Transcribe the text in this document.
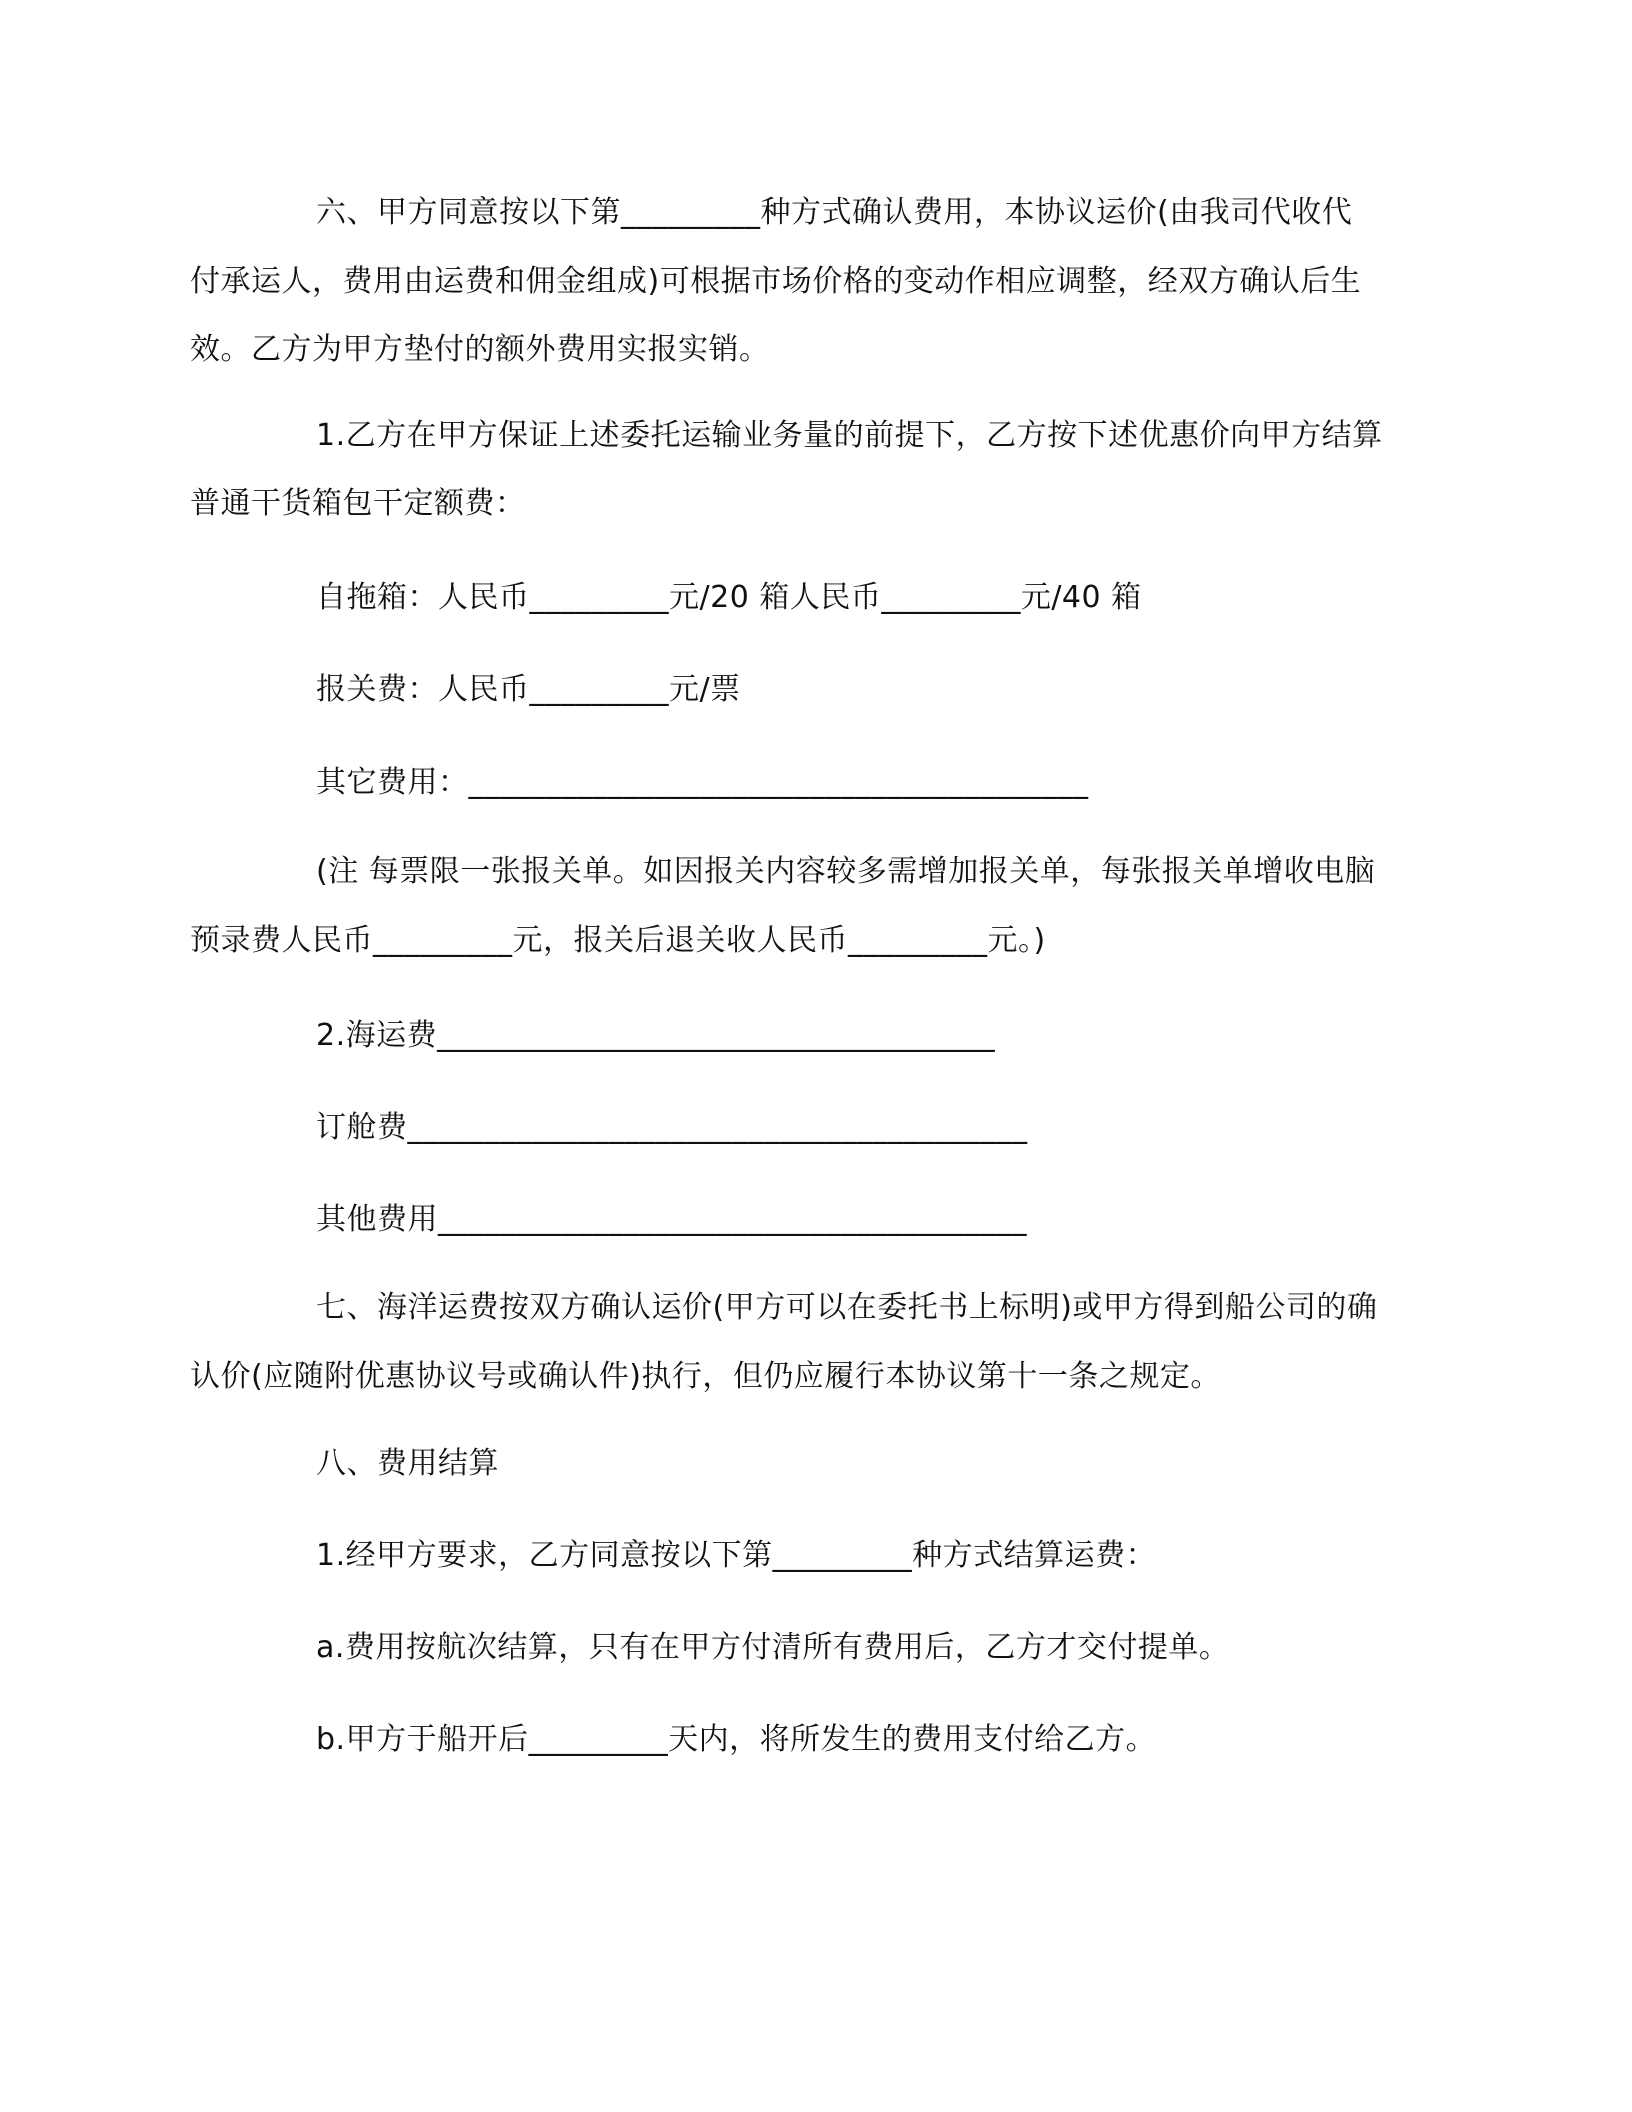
六、甲方同意按以下第_________种方式确认费用，本协议运价(由我司代收代

付承运人，费用由运费和佣金组成)可根据市场价格的变动作相应调整，经双方确认后生

效。乙方为甲方垫付的额外费用实报实销。

1.乙方在甲方保证上述委托运输业务量的前提下，乙方按下述优惠价向甲方结算

普通干货箱包干定额费：

自拖箱：人民币_________元/20 箱人民币_________元/40 箱

报关费：人民币_________元/票

其它费用：________________________________________

(注 每票限一张报关单。如因报关内容较多需增加报关单，每张报关单增收电脑

预录费人民币_________元，报关后退关收人民币_________元。)

2.海运费____________________________________

订舱费________________________________________

其他费用______________________________________

七、海洋运费按双方确认运价(甲方可以在委托书上标明)或甲方得到船公司的确

认价(应随附优惠协议号或确认件)执行，但仍应履行本协议第十一条之规定。

八、费用结算

1.经甲方要求，乙方同意按以下第_________种方式结算运费：

a.费用按航次结算，只有在甲方付清所有费用后，乙方才交付提单。

b.甲方于船开后_________天内，将所发生的费用支付给乙方。
